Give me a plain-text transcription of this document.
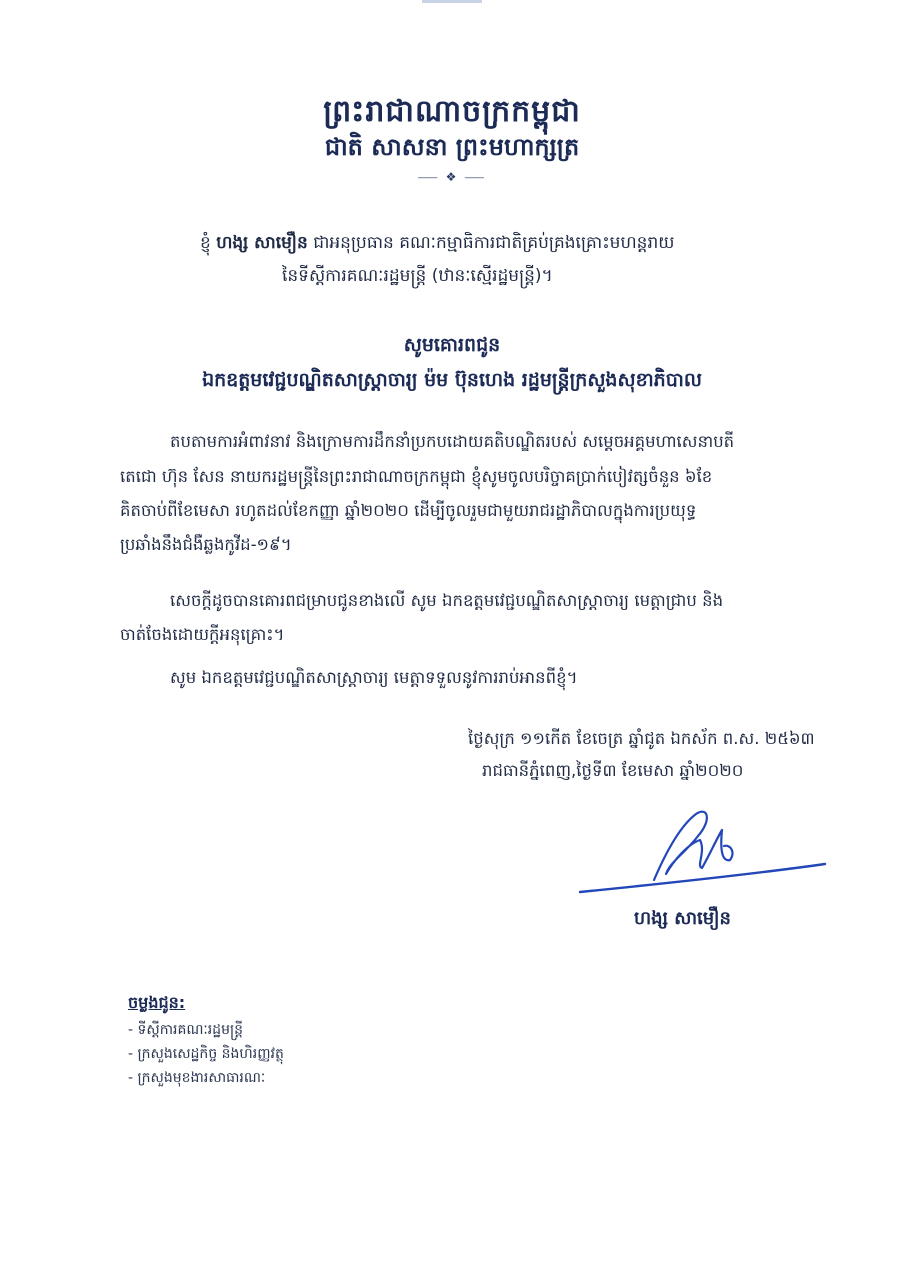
ព្រះរាជាណាចក្រកម្ពុជា
ជាតិ សាសនា ព្រះមហាក្សត្រ
⸺ ❖ ⸺
ខ្ញុំ ហង្ស សាមឿន ជាអនុប្រធាន គណៈកម្មាធិការជាតិគ្រប់គ្រងគ្រោះមហន្តរាយ
នៃទីស្តីការគណៈរដ្ឋមន្ត្រី (ឋានៈស្មើរដ្ឋមន្ត្រី)។
សូមគោរពជូន
ឯកឧត្តមវេជ្ជបណ្ឌិតសាស្ត្រាចារ្យ ម៉ម ប៊ុនហេង រដ្ឋមន្ត្រីក្រសួងសុខាភិបាល
តបតាមការអំពាវនាវ និងក្រោមការដឹកនាំប្រកបដោយគតិបណ្ឌិតរបស់ សម្តេចអគ្គមហាសេនាបតី
តេជោ ហ៊ុន សែន នាយករដ្ឋមន្ត្រីនៃព្រះរាជាណាចក្រកម្ពុជា ខ្ញុំសូមចូលបរិច្ចាគប្រាក់បៀវត្សចំនួន ៦ខែ
គិតចាប់ពីខែមេសា រហូតដល់ខែកញ្ញា ឆ្នាំ២០២០ ដើម្បីចូលរួមជាមួយរាជរដ្ឋាភិបាលក្នុងការប្រយុទ្ធ
ប្រឆាំងនឹងជំងឺឆ្លងកូវីដ-១៩។
សេចក្តីដូចបានគោរពជម្រាបជូនខាងលើ សូម ឯកឧត្តមវេជ្ជបណ្ឌិតសាស្ត្រាចារ្យ មេត្តាជ្រាប និង
ចាត់ចែងដោយក្តីអនុគ្រោះ។
សូម ឯកឧត្តមវេជ្ជបណ្ឌិតសាស្ត្រាចារ្យ មេត្តាទទួលនូវការរាប់អានពីខ្ញុំ។
ថ្ងៃសុក្រ ១១កើត ខែចេត្រ ឆ្នាំជូត ឯកស័ក ព.ស. ២៥៦៣
រាជធានីភ្នំពេញ,ថ្ងៃទី៣ ខែមេសា ឆ្នាំ២០២០
ហង្ស សាមឿន
ចម្លងជូន:
- ទីស្តីការគណៈរដ្ឋមន្ត្រី
- ក្រសួងសេដ្ឋកិច្ច និងហិរញ្ញវត្ថុ
- ក្រសួងមុខងារសាធារណៈ
